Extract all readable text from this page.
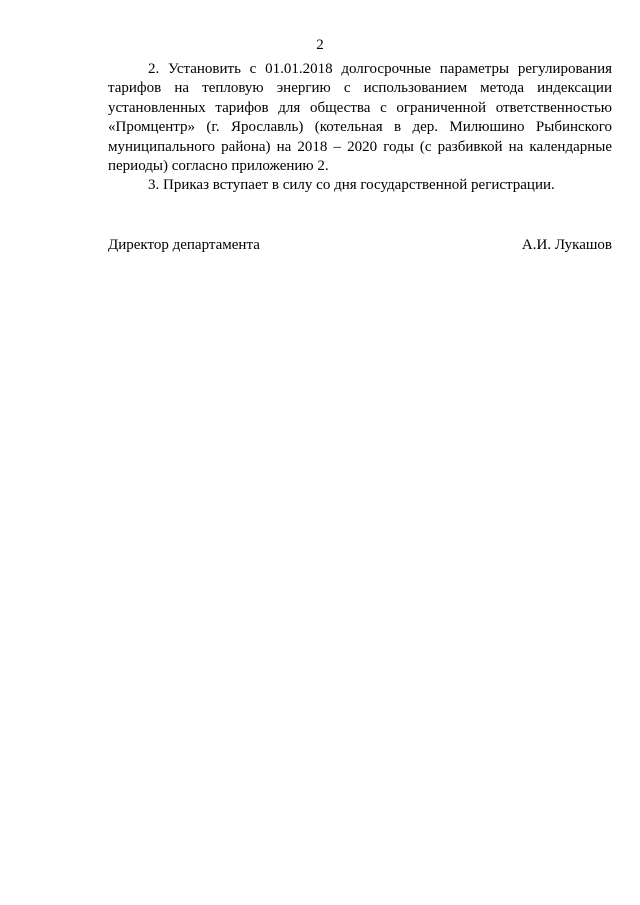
2

2. Установить с 01.01.2018 долгосрочные параметры регулирования тарифов на тепловую энергию с использованием метода индексации установленных тарифов для общества с ограниченной ответственностью «Промцентр» (г. Ярославль) (котельная в дер. Милюшино Рыбинского муниципального района) на 2018 – 2020 годы (с разбивкой на календарные периоды) согласно приложению 2.

3. Приказ вступает в силу со дня государственной регистрации.

Директор департамента	А.И. Лукашов
